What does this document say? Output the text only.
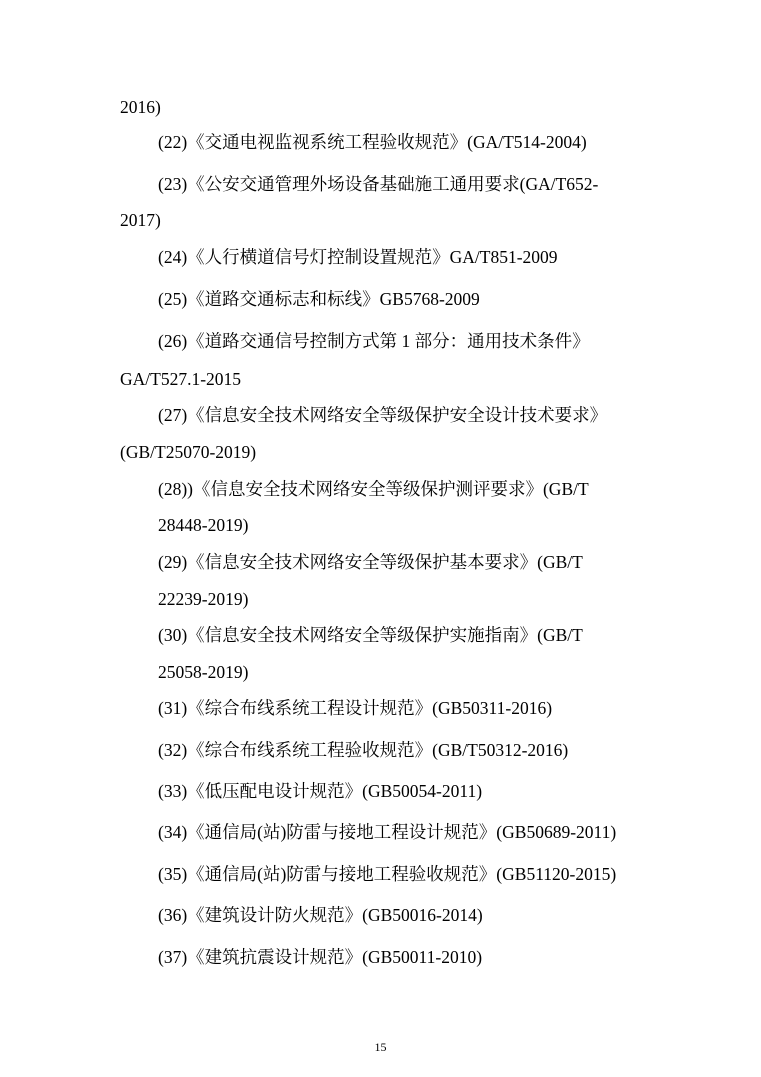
2016)
(22)《交通电视监视系统工程验收规范》(GA/T514-2004)
(23)《公安交通管理外场设备基础施工通用要求(GA/T652-
2017)
(24)《人行横道信号灯控制设置规范》GA/T851-2009
(25)《道路交通标志和标线》GB5768-2009
(26)《道路交通信号控制方式第 1 部分：通用技术条件》
GA/T527.1-2015
(27)《信息安全技术网络安全等级保护安全设计技术要求》
(GB/T25070-2019)
(28))《信息安全技术网络安全等级保护测评要求》(GB/T
28448-2019)
(29)《信息安全技术网络安全等级保护基本要求》(GB/T
22239-2019)
(30)《信息安全技术网络安全等级保护实施指南》(GB/T
25058-2019)
(31)《综合布线系统工程设计规范》(GB50311-2016)
(32)《综合布线系统工程验收规范》(GB/T50312-2016)
(33)《低压配电设计规范》(GB50054-2011)
(34)《通信局(站)防雷与接地工程设计规范》(GB50689-2011)
(35)《通信局(站)防雷与接地工程验收规范》(GB51120-2015)
(36)《建筑设计防火规范》(GB50016-2014)
(37)《建筑抗震设计规范》(GB50011-2010)
15
